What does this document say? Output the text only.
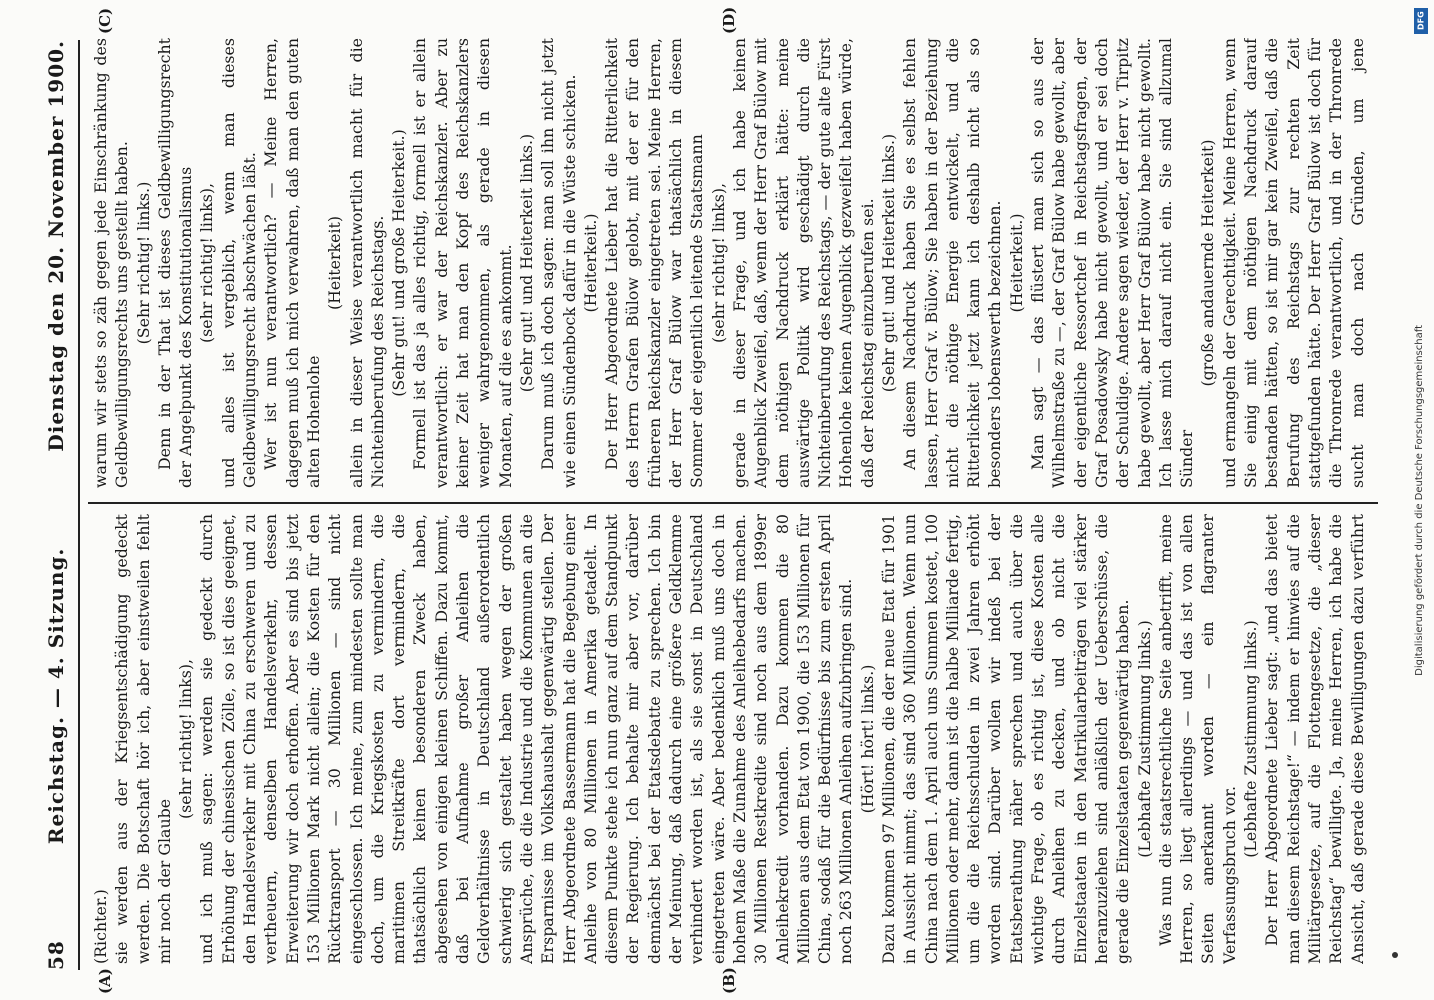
58
Reichstag. — 4. Sitzung.
Dienstag den 20. November 1900.
(A)	(B)
(C)	(D)

(Richter.) sie werden aus der Kriegsentschädigung gedeckt werden. Die Botschaft hör ich, aber einstweilen fehlt mir noch der Glaube

(sehr richtig! links), und ich muß sagen: werden sie gedeckt durch Erhöhung der chinesischen Zölle, so ist dies geeignet, den Handelsverkehr mit China zu erschweren und zu vertheuern, denselben Handelsverkehr, dessen Erweiterung wir doch erhoffen. Aber es sind bis jetzt 153 Millionen Mark nicht allein; die Kosten für den Rücktransport — 30 Millionen — sind nicht eingeschlossen. Ich meine, zum mindesten sollte man doch, um die Kriegskosten zu vermindern, die maritimen Streitkräfte dort vermindern, die thatsächlich keinen besonderen Zweck haben, abgesehen von einigen kleinen Schiffen. Dazu kommt, daß bei Aufnahme großer Anleihen die Geldverhältnisse in Deutschland außerordentlich schwierig sich gestaltet haben wegen der großen Ansprüche, die die Industrie und die Kommunen an die Ersparnisse im Volkshaushalt gegenwärtig stellen. Der Herr Abgeordnete Bassermann hat die Begebung einer Anleihe von 80 Millionen in Amerika getadelt. In diesem Punkte stehe ich nun ganz auf dem Standpunkt der Regierung. Ich behalte mir aber vor, darüber demnächst bei der Etatsdebatte zu sprechen. Ich bin der Meinung, daß dadurch eine größere Geldklemme verhindert worden ist, als sie sonst in Deutschland eingetreten wäre. Aber bedenklich muß uns doch in hohem Maße die Zunahme des Anleihebedarfs machen. 30 Millionen Restkredite sind noch aus dem 1899er Anleihekredit vorhanden. Dazu kommen die 80 Millionen aus dem Etat von 1900, die 153 Millionen für China, sodaß für die Bedürfnisse bis zum ersten April noch 263 Millionen Anleihen aufzubringen sind. (Hört! hört! links.) Dazu kommen 97 Millionen, die der neue Etat für 1901 in Aussicht nimmt; das sind 360 Millionen. Wenn nun China nach dem 1. April auch uns Summen kostet, 100 Millionen oder mehr, dann ist die halbe Milliarde fertig, um die die Reichsschulden in zwei Jahren erhöht worden sind. Darüber wollen wir indeß bei der Etatsberathung näher sprechen und auch über die wichtige Frage, ob es richtig ist, diese Kosten alle durch Anleihen zu decken, und ob nicht die Einzelstaaten in den Matrikularbeiträgen viel stärker heranzuziehen sind anläßlich der Ueberschüsse, die gerade die Einzelstaaten gegenwärtig haben. (Lebhafte Zustimmung links.) Was nun die staatsrechtliche Seite anbetrifft, meine Herren, so liegt allerdings — und das ist von allen Seiten anerkannt worden — ein flagranter Verfassungsbruch vor.

(Lebhafte Zustimmung links.)

Der Herr Abgeordnete Lieber sagt: „und das bietet man diesem Reichstage!“ — indem er hinwies auf die Militärgesetze, auf die Flottengesetze, die „dieser Reichstag“ bewilligte. Ja, meine Herren, ich habe die Ansicht, daß gerade diese Bewilligungen dazu verführt

warum wir stets so zäh gegen jede Einschränkung des Geldbewilligungsrechts uns gestellt haben. (Sehr richtig! links.) Denn in der That ist dieses Geldbewilligungsrecht der Angelpunkt des Konstitutionalismus (sehr richtig! links), und alles ist vergeblich, wenn man dieses Geldbewilligungsrecht abschwächen läßt. Wer ist nun verantwortlich? — Meine Herren, dagegen muß ich mich verwahren, daß man den guten alten Hohenlohe

(Heiterkeit) allein in dieser Weise verantwortlich macht für die Nichteinberufung des Reichstags. (Sehr gut! und große Heiterkeit.) Formell ist das ja alles richtig, formell ist er allein verantwortlich: er war der Reichskanzler. Aber zu keiner Zeit hat man den Kopf des Reichskanzlers weniger wahrgenommen, als gerade in diesen Monaten, auf die es ankommt. (Sehr gut! und Heiterkeit links.) Darum muß ich doch sagen: man soll ihn nicht jetzt wie einen Sündenbock dafür in die Wüste schicken. (Heiterkeit.) Der Herr Abgeordnete Lieber hat die Ritterlichkeit des Herrn Grafen Bülow gelobt, mit der er für den früheren Reichskanzler eingetreten sei. Meine Herren, der Herr Graf Bülow war thatsächlich in diesem Sommer der eigentlich leitende Staatsmann (sehr richtig! links), gerade in dieser Frage, und ich habe keinen Augenblick Zweifel, daß, wenn der Herr Graf Bülow mit dem nöthigen Nachdruck erklärt hätte: meine auswärtige Politik wird geschädigt durch die Nichteinberufung des Reichstags, — der gute alte Fürst Hohenlohe keinen Augenblick gezweifelt haben würde, daß der Reichstag einzuberufen sei. (Sehr gut! und Heiterkeit links.) An diesem Nachdruck haben Sie es selbst fehlen lassen, Herr Graf v. Bülow; Sie haben in der Beziehung nicht die nöthige Energie entwickelt, und die Ritterlichkeit jetzt kann ich deshalb nicht als so besonders lobenswerth bezeichnen. (Heiterkeit.) Man sagt — das flüstert man sich so aus der Wilhelmstraße zu —, der Graf Bülow habe gewollt, aber der eigentliche Ressortchef in Reichstagsfragen, der Graf Posadowsky habe nicht gewollt, und er sei doch der Schuldige. Andere sagen wieder, der Herr v. Tirpitz habe gewollt, aber Herr Graf Bülow habe nicht gewollt. Ich lasse mich darauf nicht ein. Sie sind allzumal Sünder

(große andauernde Heiterkeit)

und ermangeln der Gerechtigkeit. Meine Herren, wenn Sie einig mit dem nöthigen Nachdruck darauf bestanden hätten, so ist mir gar kein Zweifel, daß die Berufung des Reichstags zur rechten Zeit stattgefunden hätte. Der Herr Graf Bülow ist doch für die Thronrede verantwortlich, und in der Thronrede sucht man doch nach Gründen, um jene

DFG
Digitalisierung gefördert durch die Deutsche Forschungsgemeinschaft
